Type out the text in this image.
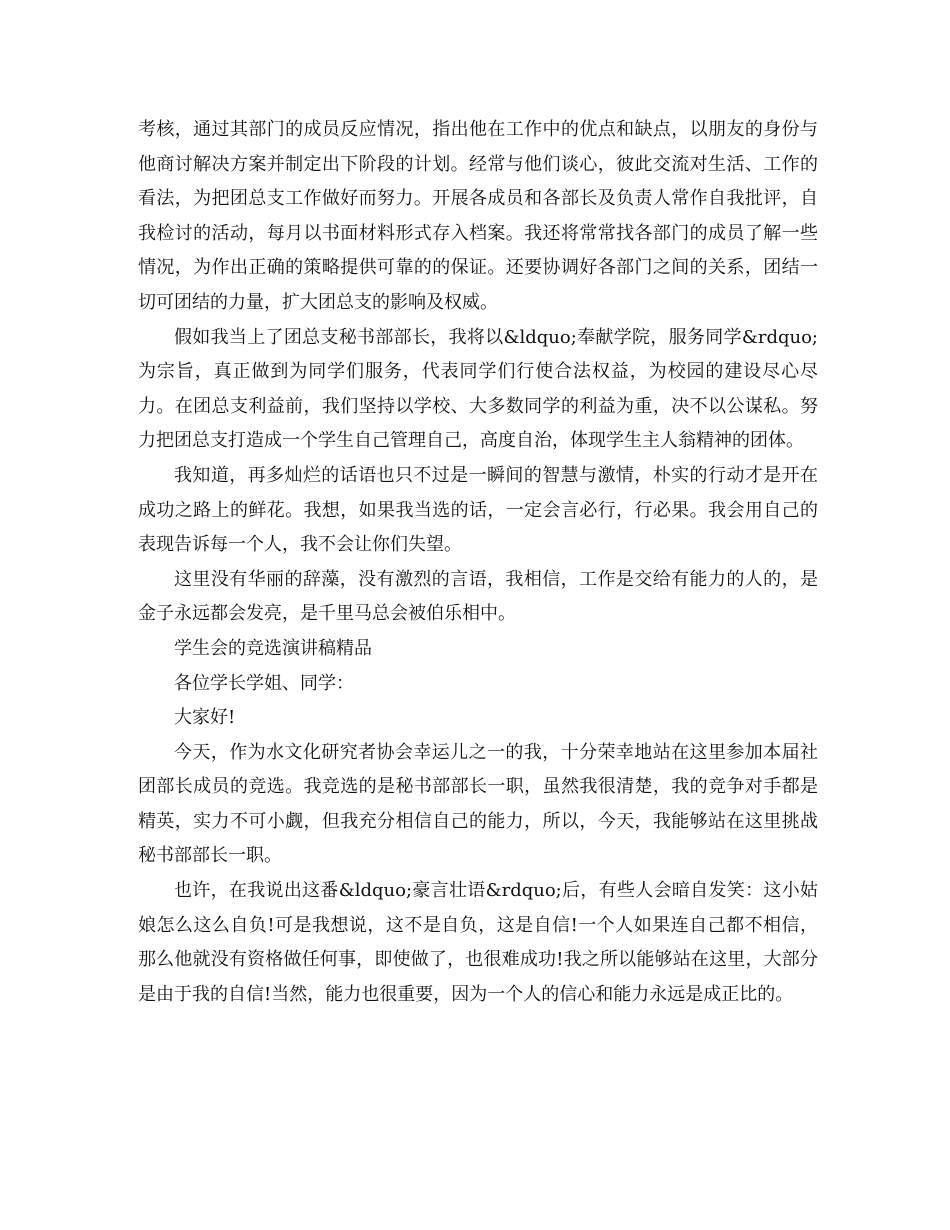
考核，通过其部门的成员反应情况，指出他在工作中的优点和缺点，以朋友的身份与他商讨解决方案并制定出下阶段的计划。经常与他们谈心，彼此交流对生活、工作的看法，为把团总支工作做好而努力。开展各成员和各部长及负责人常作自我批评，自我检讨的活动，每月以书面材料形式存入档案。我还将常常找各部门的成员了解一些情况，为作出正确的策略提供可靠的的保证。还要协调好各部门之间的关系，团结一切可团结的力量，扩大团总支的影响及权威。

假如我当上了团总支秘书部部长，我将以&ldquo;奉献学院，服务同学&rdquo;为宗旨，真正做到为同学们服务，代表同学们行使合法权益，为校园的建设尽心尽力。在团总支利益前，我们坚持以学校、大多数同学的利益为重，决不以公谋私。努力把团总支打造成一个学生自己管理自己，高度自治，体现学生主人翁精神的团体。

我知道，再多灿烂的话语也只不过是一瞬间的智慧与激情，朴实的行动才是开在成功之路上的鲜花。我想，如果我当选的话，一定会言必行，行必果。我会用自己的表现告诉每一个人，我不会让你们失望。

这里没有华丽的辞藻，没有激烈的言语，我相信，工作是交给有能力的人的，是金子永远都会发亮，是千里马总会被伯乐相中。

学生会的竞选演讲稿精品

各位学长学姐、同学：

大家好!

今天，作为水文化研究者协会幸运儿之一的我，十分荣幸地站在这里参加本届社团部长成员的竞选。我竞选的是秘书部部长一职，虽然我很清楚，我的竞争对手都是精英，实力不可小觑，但我充分相信自己的能力，所以，今天，我能够站在这里挑战秘书部部长一职。

也许，在我说出这番&ldquo;豪言壮语&rdquo;后，有些人会暗自发笑：这小姑娘怎么这么自负!可是我想说，这不是自负，这是自信!一个人如果连自己都不相信，那么他就没有资格做任何事，即使做了，也很难成功!我之所以能够站在这里，大部分是由于我的自信!当然，能力也很重要，因为一个人的信心和能力永远是成正比的。
